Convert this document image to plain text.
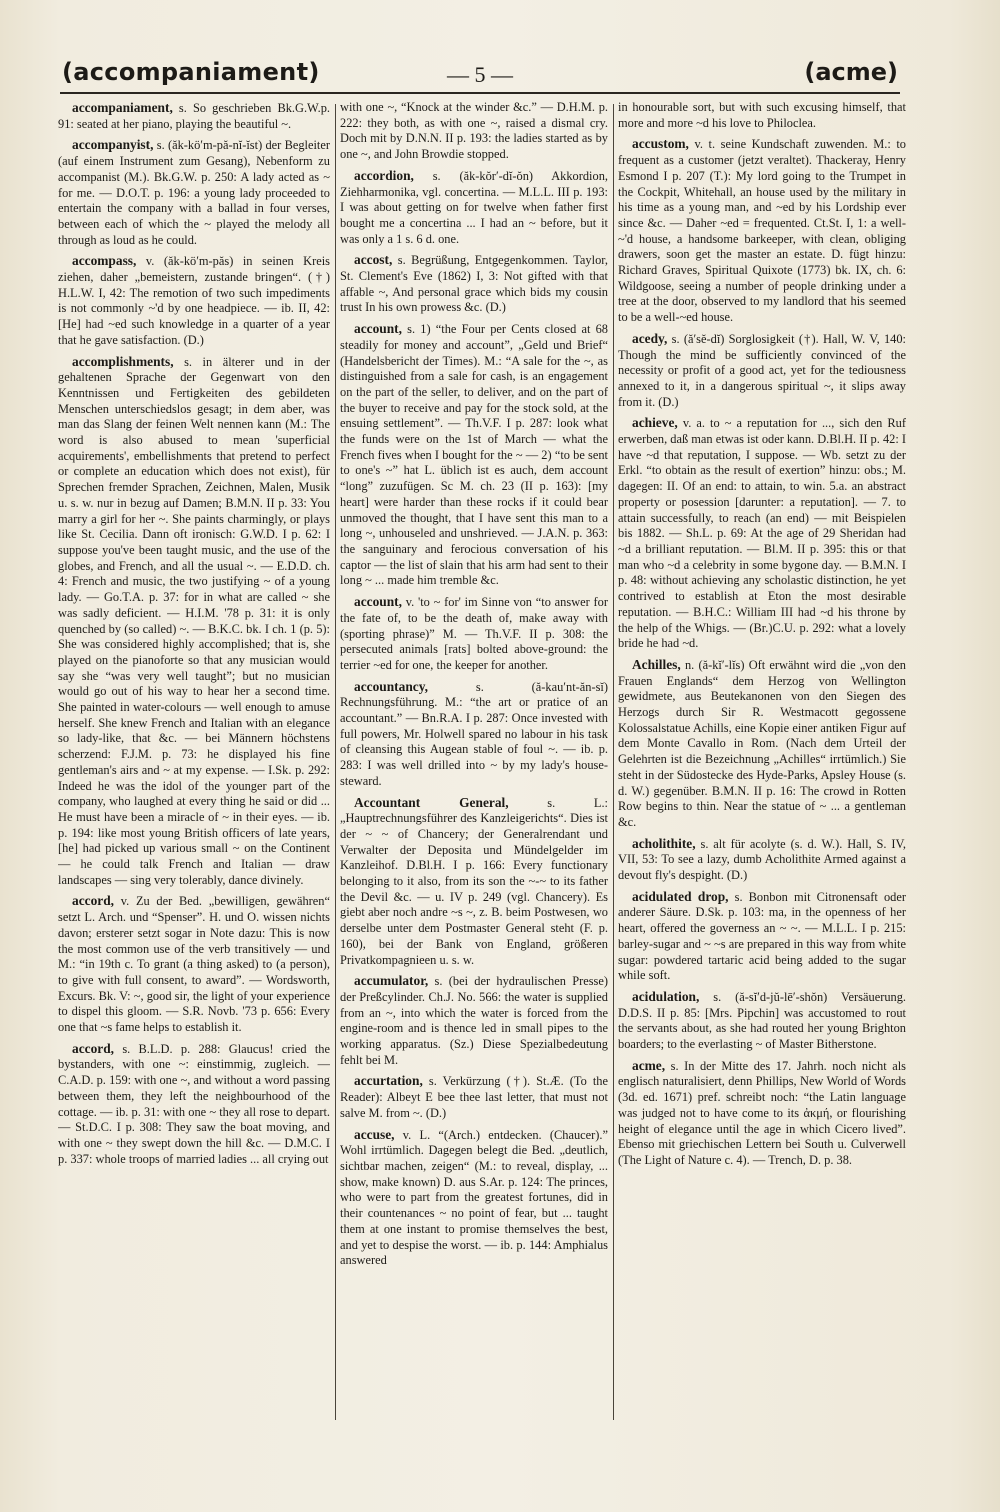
(accompaniament)	— 5 —	(acme)

accompaniament, s. So geschrieben Bk.G.W.p. 91: seated at her piano, playing the beautiful ~.

accompanyist, s. (ăk-kö′m-pă-nĭ-ĭst) der Begleiter (auf einem Instrument zum Gesang), Nebenform zu accompanist (M.). Bk.G.W. p. 250: A lady acted as ~ for me. — D.O.T. p. 196: a young lady proceeded to entertain the company with a ballad in four verses, between each of which the ~ played the melody all through as loud as he could.

accompass, v. (ăk-kö′m-păs) in seinen Kreis ziehen, daher „bemeistern, zustande bringen“. (†) H.L.W. I, 42: The remotion of two such impediments is not commonly ~'d by one headpiece. — ib. II, 42: [He] had ~ed such knowledge in a quarter of a year that he gave satisfaction. (D.)

accomplishments, s. in älterer und in der gehaltenen Sprache der Gegenwart von den Kenntnissen und Fertigkeiten des gebildeten Menschen unterschiedslos gesagt; in dem aber, was man das Slang der feinen Welt nennen kann (M.: The word is also abused to mean 'superficial acquirements', embellishments that pretend to perfect or complete an education which does not exist), für Sprechen fremder Sprachen, Zeichnen, Malen, Musik u. s. w. nur in bezug auf Damen; B.M.N. II p. 33: You marry a girl for her ~. She paints charmingly, or plays like St. Cecilia. Dann oft ironisch: G.W.D. I p. 62: I suppose you've been taught music, and the use of the globes, and French, and all the usual ~. — E.D.D. ch. 4: French and music, the two justifying ~ of a young lady. — Go.T.A. p. 37: for in what are called ~ she was sadly deficient. — H.I.M. '78 p. 31: it is only quenched by (so called) ~. — B.K.C. bk. I ch. 1 (p. 5): She was considered highly accomplished; that is, she played on the pianoforte so that any musician would say she “was very well taught”; but no musician would go out of his way to hear her a second time. She painted in water-colours — well enough to amuse herself. She knew French and Italian with an elegance so lady-like, that &c. — bei Männern höchstens scherzend: F.J.M. p. 73: he displayed his fine gentleman's airs and ~ at my expense. — I.Sk. p. 292: Indeed he was the idol of the younger part of the company, who laughed at every thing he said or did ... He must have been a miracle of ~ in their eyes. — ib. p. 194: like most young British officers of late years, [he] had picked up various small ~ on the Continent — he could talk French and Italian — draw landscapes — sing very tolerably, dance divinely.

accord, v. Zu der Bed. „bewilligen, gewähren“ setzt L. Arch. und “Spenser”. H. und O. wissen nichts davon; ersterer setzt sogar in Note dazu: This is now the most common use of the verb transitively — und M.: “in 19th c. To grant (a thing asked) to (a person), to give with full consent, to award”. — Wordsworth, Excurs. Bk. V: ~, good sir, the light of your experience to dispel this gloom. — S.R. Novb. '73 p. 656: Every one that ~s fame helps to establish it.

accord, s. B.L.D. p. 288: Glaucus! cried the bystanders, with one ~: einstimmig, zugleich. — C.A.D. p. 159: with one ~, and without a word passing between them, they left the neighbourhood of the cottage. — ib. p. 31: with one ~ they all rose to depart. — St.D.C. I p. 308: They saw the boat moving, and with one ~ they swept down the hill &c. — D.M.C. I p. 337: whole troops of married ladies ... all crying out

with one ~, “Knock at the winder &c.” — D.H.M. p. 222: they both, as with one ~, raised a dismal cry. Doch mit by D.N.N. II p. 193: the ladies started as by one ~, and John Browdie stopped.

accordion, s. (ăk-kŏr′-dĭ-ŏn) Akkordion, Ziehharmonika, vgl. concertina. — M.L.L. III p. 193: I was about getting on for twelve when father first bought me a concertina ... I had an ~ before, but it was only a 1 s. 6 d. one.

accost, s. Begrüßung, Entgegenkommen. Taylor, St. Clement's Eve (1862) I, 3: Not gifted with that affable ~, And personal grace which bids my cousin trust In his own prowess &c. (D.)

account, s. 1) “the Four per Cents closed at 68 steadily for money and account”, „Geld und Brief“ (Handelsbericht der Times). M.: “A sale for the ~, as distinguished from a sale for cash, is an engagement on the part of the seller, to deliver, and on the part of the buyer to receive and pay for the stock sold, at the ensuing settlement”. — Th.V.F. I p. 287: look what the funds were on the 1st of March — what the French fives when I bought for the ~ — 2) “to be sent to one's ~” hat L. üblich ist es auch, dem account “long” zuzufügen. Sc M. ch. 23 (II p. 163): [my heart] were harder than these rocks if it could bear unmoved the thought, that I have sent this man to a long ~, unhouseled and unshrieved. — J.A.N. p. 363: the sanguinary and ferocious conversation of his captor — the list of slain that his arm had sent to their long ~ ... made him tremble &c.

account, v. 'to ~ for' im Sinne von “to answer for the fate of, to be the death of, make away with (sporting phrase)” M. — Th.V.F. II p. 308: the persecuted animals [rats] bolted above-ground: the terrier ~ed for one, the keeper for another.

accountancy, s. (ă-kau′nt-ăn-sĭ) Rechnungsführung. M.: “the art or pratice of an accountant.” — Bn.R.A. I p. 287: Once invested with full powers, Mr. Holwell spared no labour in his task of cleansing this Augean stable of foul ~. — ib. p. 283: I was well drilled into ~ by my lady's house-steward.

Accountant General, s. L.: „Hauptrechnungsführer des Kanzleigerichts“. Dies ist der ~ ~ of Chancery; der Generalrendant und Verwalter der Depositа und Mündelgelder im Kanzleihof. D.Bl.H. I p. 166: Every functionary belonging to it also, from its son the ~-~ to its father the Devil &c. — u. IV p. 249 (vgl. Chancery). Es giebt aber noch andre ~s ~, z. B. beim Postwesen, wo derselbe unter dem Postmaster General steht (F. p. 160), bei der Bank von England, größeren Privatkompagnieen u. s. w.

accumulator, s. (bei der hydraulischen Presse) der Preßcylinder. Ch.J. No. 566: the water is supplied from an ~, into which the water is forced from the engine-room and is thence led in small pipes to the working apparatus. (Sz.) Diese Spezialbedeutung fehlt bei M.

accurtation, s. Verkürzung (†). St.Æ. (To the Reader): Albeyt E bee thee last letter, that must not salve M. from ~. (D.)

accuse, v. L. “(Arch.) entdecken. (Chaucer).” Wohl irrtümlich. Dagegen belegt die Bed. „deutlich, sichtbar machen, zeigen“ (M.: to reveal, display, ... show, make known) D. aus S.Ar. p. 124: The princes, who were to part from the greatest fortunes, did in their countenances ~ no point of fear, but ... taught them at one instant to promise themselves the best, and yet to despise the worst. — ib. p. 144: Amphialus answered

in honourable sort, but with such excusing himself, that more and more ~d his love to Philoclea.

accustom, v. t. seine Kundschaft zuwenden. M.: to frequent as a customer (jetzt veraltet). Thackeray, Henry Esmond I p. 207 (T.): My lord going to the Trumpet in the Cockpit, Whitehall, an house used by the military in his time as a young man, and ~ed by his Lordship ever since &c. — Daher ~ed = frequented. Ct.St. I, 1: a well-~'d house, a handsome barkeeper, with clean, obliging drawers, soon get the master an estate. D. fügt hinzu: Richard Graves, Spiritual Quixote (1773) bk. IX, ch. 6: Wildgoose, seeing a number of people drinking under a tree at the door, observed to my landlord that his seemed to be a well-~ed house.

acedy, s. (ă′sĕ-dĭ) Sorglosigkeit (†). Hall, W. V, 140: Though the mind be sufficiently convinced of the necessity or profit of a good act, yet for the tediousness annexed to it, in a dangerous spiritual ~, it slips away from it. (D.)

achieve, v. a. to ~ a reputation for ..., sich den Ruf erwerben, daß man etwas ist oder kann. D.Bl.H. II p. 42: I have ~d that reputation, I suppose. — Wb. setzt zu der Erkl. “to obtain as the result of exertion” hinzu: obs.; M. dagegen: II. Of an end: to attain, to win. 5.a. an abstract property or posession [darunter: a reputation]. — 7. to attain successfully, to reach (an end) — mit Beispielen bis 1882. — Sh.L. p. 69: At the age of 29 Sheridan had ~d a brilliant reputation. — Bl.M. II p. 395: this or that man who ~d a celebrity in some bygone day. — B.M.N. I p. 48: without achieving any scholastic distinction, he yet contrived to establish at Eton the most desirable reputation. — B.H.C.: William III had ~d his throne by the help of the Whigs. — (Br.)C.U. p. 292: what a lovely bride he had ~d.

Achilles, n. (ă-kĭ′-lĭs) Oft erwähnt wird die „von den Frauen Englands“ dem Herzog von Wellington gewidmete, aus Beutekanonen von den Siegen des Herzogs durch Sir R. Westmacott gegossene Kolossalstatue Achills, eine Kopie einer antiken Figur auf dem Monte Cavallo in Rom. (Nach dem Urteil der Gelehrten ist die Bezeichnung „Achilles“ irrtümlich.) Sie steht in der Südostecke des Hyde-Parks, Apsley House (s. d. W.) gegenüber. B.M.N. II p. 16: The crowd in Rotten Row begins to thin. Near the statue of ~ ... a gentleman &c.

acholithite, s. alt für acolyte (s. d. W.). Hall, S. IV, VII, 53: To see a lazy, dumb Acholithite Armed against a devout fly's despight. (D.)

acidulated drop, s. Bonbon mit Citronensaft oder anderer Säure. D.Sk. p. 103: ma, in the openness of her heart, offered the governess an ~ ~. — M.L.L. I p. 215: barley-sugar and ~ ~s are prepared in this way from white sugar: powdered tartaric acid being added to the sugar while soft.

acidulation, s. (ă-sĭ′d-jŭ-lē′-shŏn) Versäuerung. D.D.S. II p. 85: [Mrs. Pipchin] was accustomed to rout the servants about, as she had routed her young Brighton boarders; to the everlasting ~ of Master Bitherstone.

acme, s. In der Mitte des 17. Jahrh. noch nicht als englisch naturalisiert, denn Phillips, New World of Words (3d. ed. 1671) pref. schreibt noch: “the Latin language was judged not to have come to its ἀκμή, or flourishing height of elegance until the age in which Cicero lived”. Ebenso mit griechischen Lettern bei South u. Culverwell (The Light of Nature c. 4). — Trench, D. p. 38.
